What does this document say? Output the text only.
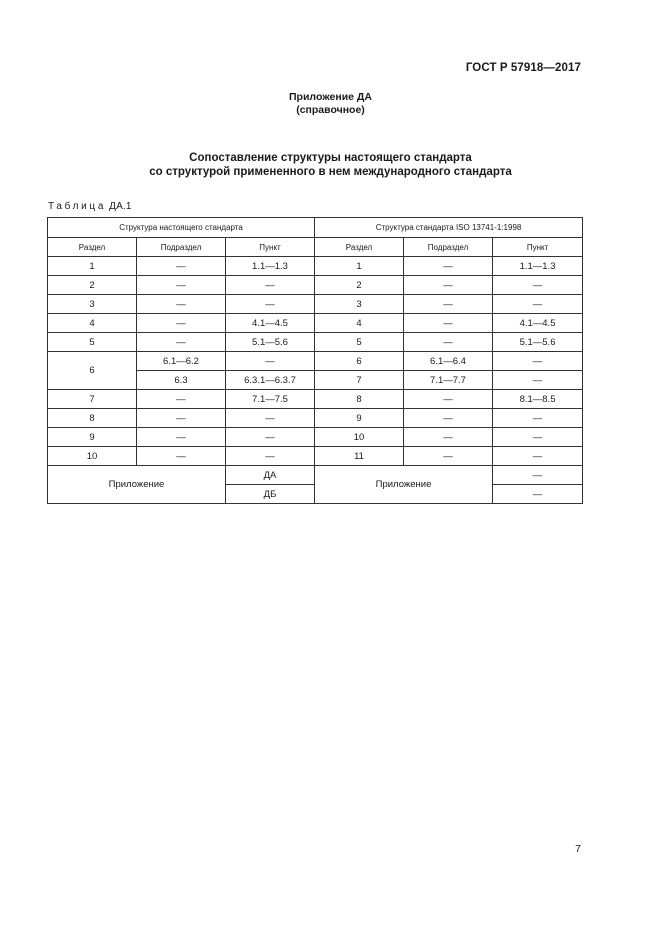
ГОСТ Р 57918—2017
Приложение ДА
(справочное)
Сопоставление структуры настоящего стандарта
со структурой примененного в нем международного стандарта
Таблица ДА.1
Структура настоящего стандарта			Структура стандарта ISO 13741-1:1998		
Раздел	Подраздел	Пункт	Раздел	Подраздел	Пункт
1	—	1.1—1.3	1	—	1.1—1.3
2	—	—	2	—	—
3	—	—	3	—	—
4	—	4.1—4.5	4	—	4.1—4.5
5	—	5.1—5.6	5	—	5.1—5.6
6	6.1—6.2	—	6	6.1—6.4	—
	6.3	6.3.1—6.3.7	7	7.1—7.7	—
7	—	7.1—7.5	8	—	8.1—8.5
8	—	—	9	—	—
9	—	—	10	—	—
10	—	—	11	—	—
Приложение		ДА	Приложение		—
		ДБ			—
7
